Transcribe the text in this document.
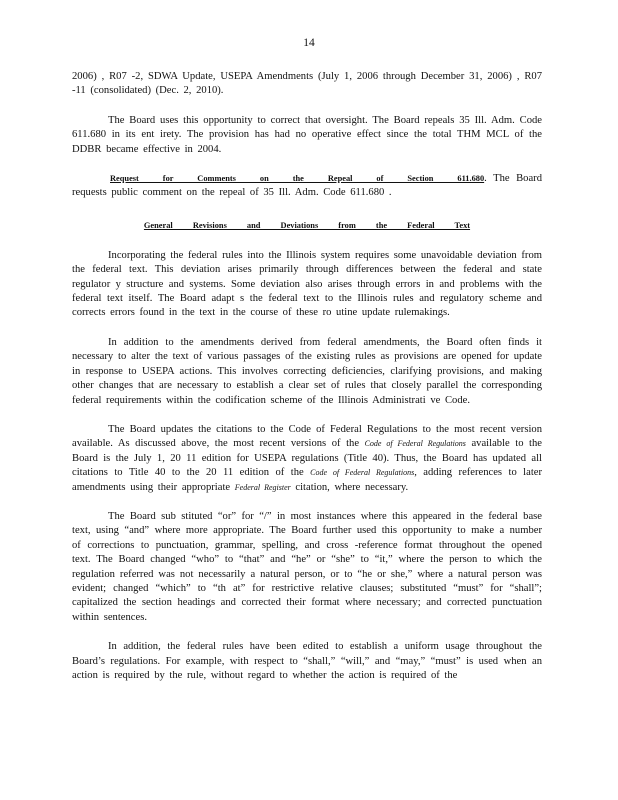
14

2006) , R07 -2, SDWA Update, USEPA Amendments (July 1, 2006 through December 31, 2006) , R07 -11 (consolidated) (Dec. 2, 2010).

The Board uses this opportunity to correct that oversight. The Board repeals 35 Ill. Adm. Code 611.680 in its ent irety. The provision has had no operative effect since the total THM MCL of the DDBR became effective in 2004.

Request for Comments on the Repeal of Section 611.680. The Board requests public comment on the repeal of 35 Ill. Adm. Code 611.680 .

General Revisions and Deviations from the Federal Text

Incorporating the federal rules into the Illinois system requires some unavoidable deviation from the federal text. This deviation arises primarily through differences between the federal and state regulator y structure and systems. Some deviation also arises through errors in and problems with the federal text itself. The Board adapt s the federal text to the Illinois rules and regulatory scheme and corrects errors found in the text in the course of these ro utine update rulemakings.

In addition to the amendments derived from federal amendments, the Board often finds it necessary to alter the text of various passages of the existing rules as provisions are opened for update in response to USEPA actions. This involves correcting deficiencies, clarifying provisions, and making other changes that are necessary to establish a clear set of rules that closely parallel the corresponding federal requirements within the codification scheme of the Illinois Administrati ve Code.

The Board updates the citations to the Code of Federal Regulations to the most recent version available. As discussed above, the most recent versions of the Code of Federal Regulations available to the Board is the July 1, 20 11 edition for USEPA regulations (Title 40). Thus, the Board has updated all citations to Title 40 to the 20 11 edition of the Code of Federal Regulations, adding references to later amendments using their appropriate Federal Register citation, where necessary.

The Board sub stituted “or” for “/” in most instances where this appeared in the federal base text, using “and” where more appropriate. The Board further used this opportunity to make a number of corrections to punctuation, grammar, spelling, and cross -reference format throughout the opened text. The Board changed “who” to “that” and “he” or “she” to “it,” where the person to which the regulation referred was not necessarily a natural person, or to “he or she,” where a natural person was evident; changed “which” to “th at” for restrictive relative clauses; substituted “must” for “shall”; capitalized the section headings and corrected their format where necessary; and corrected punctuation within sentences.

In addition, the federal rules have been edited to establish a uniform usage throughout the Board’s regulations. For example, with respect to “shall,” “will,” and “may,” “must” is used when an action is required by the rule, without regard to whether the action is required of the
